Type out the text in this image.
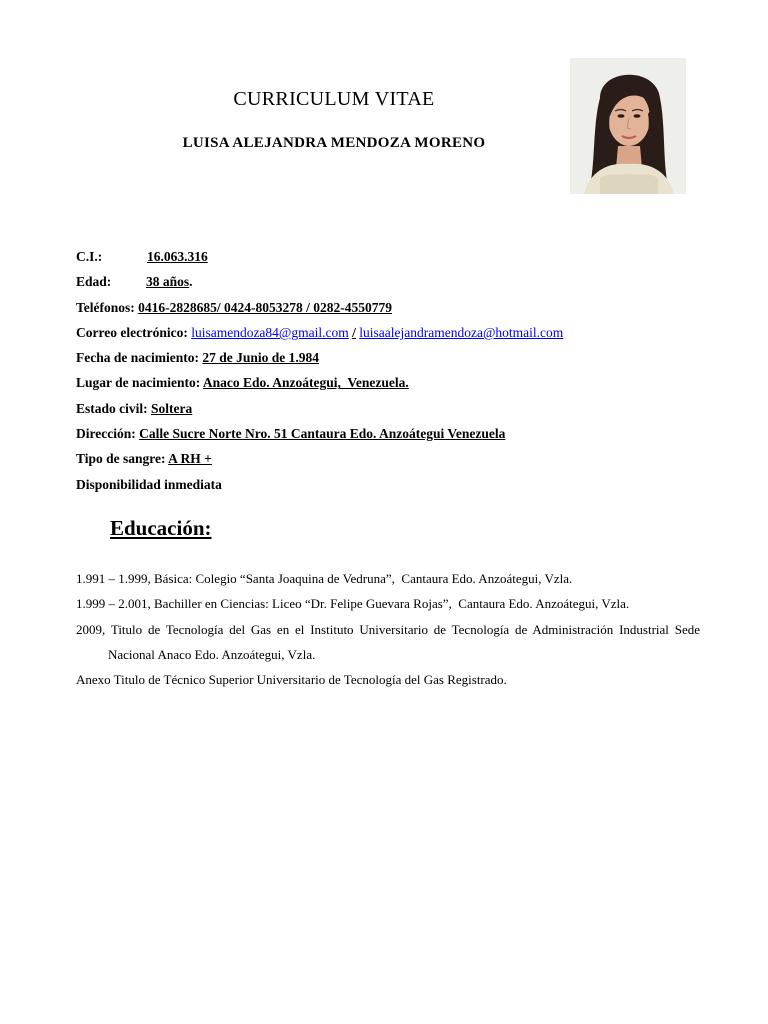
CURRICULUM VITAE
LUISA ALEJANDRA MENDOZA MORENO
C.I.:	16.063.316
Edad:	38 años.
Teléfonos: 0416-2828685/ 0424-8053278 / 0282-4550779
Correo electrónico: luisamendoza84@gmail.com / luisaalejandramendoza@hotmail.com
Fecha de nacimiento: 27 de Junio de 1.984
Lugar de nacimiento: Anaco Edo. Anzoátegui,  Venezuela.
Estado civil: Soltera
Dirección: Calle Sucre Norte Nro. 51 Cantaura Edo. Anzoátegui Venezuela
Tipo de sangre: A RH +
Disponibilidad inmediata
Educación:
1.991 – 1.999, Básica: Colegio “Santa Joaquina de Vedruna”,  Cantaura Edo. Anzoátegui, Vzla.
1.999 – 2.001, Bachiller en Ciencias: Liceo “Dr. Felipe Guevara Rojas”,  Cantaura Edo. Anzoátegui, Vzla.
2009, Titulo de Tecnología del Gas en el Instituto Universitario de Tecnología de Administración Industrial Sede Nacional Anaco Edo. Anzoátegui, Vzla.
Anexo Titulo de Técnico Superior Universitario de Tecnología del Gas Registrado.
